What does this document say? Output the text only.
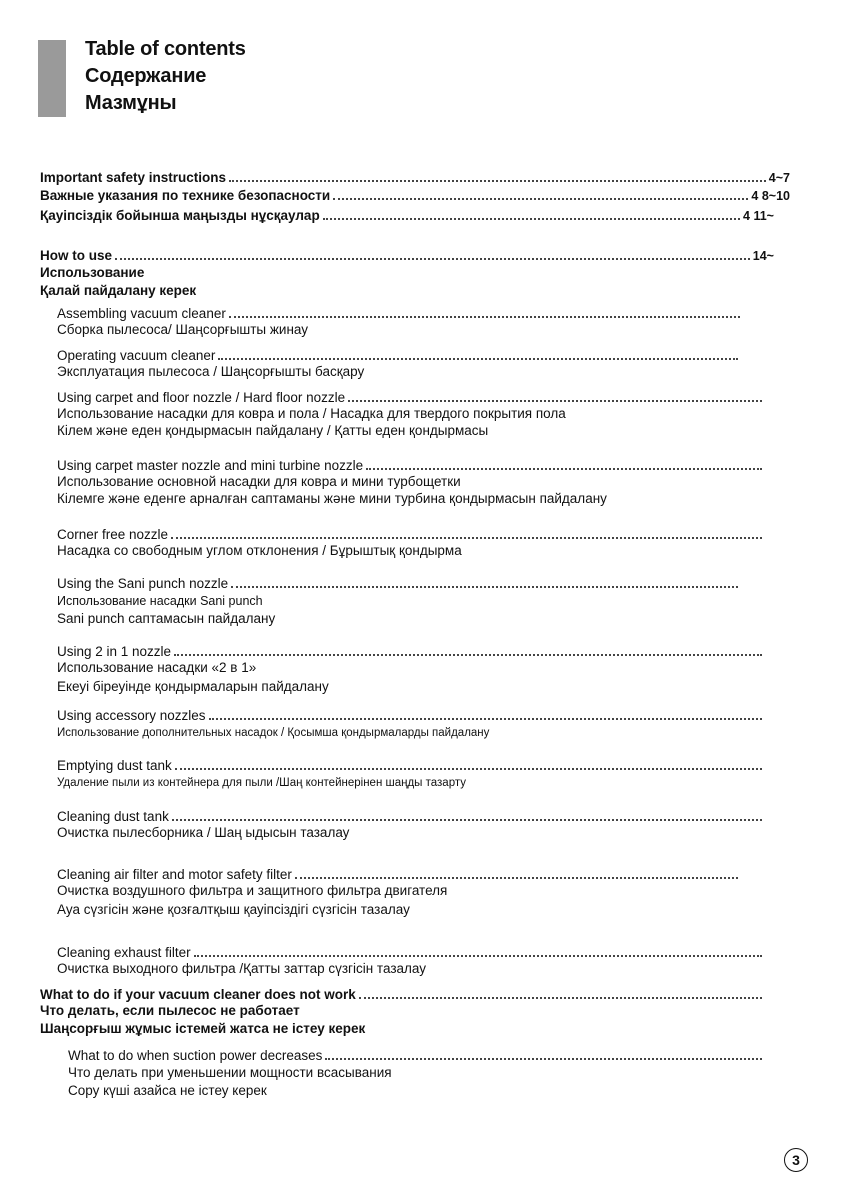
Table of contents
Содержание
Мазмұны
Important safety instructions	4~7
Важные указания по технике безопасности	4 8~10
Қауіпсіздік бойынша маңызды нұсқаулар	4 11~
How to use	14~
Использование
Қалай пайдалану керек
Assembling vacuum cleaner
Сборка пылесоса/ Шаңсорғышты жинау
Operating vacuum cleaner
Эксплуатация пылесоса / Шаңсорғышты басқару
Using carpet and floor nozzle / Hard floor nozzle
Использование насадки для ковра и пола / Насадка для твердого покрытия пола
Кілем және еден қондырмасын пайдалану / Қатты еден қондырмасы
Using carpet master nozzle and mini turbine nozzle
Использование основной насадки для ковра и мини турбощетки
Кілемге және еденге арналған саптаманы және мини турбина қондырмасын пайдалану
Corner free nozzle
Насадка со свободным углом отклонения / Бұрыштық қондырма
Using the Sani punch nozzle
Использование насадки Sani punch
Sani punch саптамасын пайдалану
Using 2 in 1 nozzle
Использование насадки «2 в 1»
Екеуі біреуінде қондырмаларын пайдалану
Using accessory nozzles
Использование дополнительных насадок / Қосымша қондырмаларды пайдалану
Emptying dust tank
Удаление пыли из контейнера для пыли /Шаң контейнерінен шаңды тазарту
Cleaning dust tank
Очистка пылесборника / Шаң ыдысын тазалау
Cleaning air filter and motor safety filter
Очистка воздушного фильтра и защитного фильтра двигателя
Ауа сүзгісін және қозғалтқыш қауіпсіздігі сүзгісін тазалау
Cleaning exhaust filter
Очистка выходного фильтра /Қатты заттар сүзгісін тазалау
What to do if your vacuum cleaner does not work
Что делать, если пылесос не работает
Шаңсорғыш жұмыс істемей жатса не істеу керек
What to do when suction power decreases
Что делать при уменьшении мощности всасывания
Сору күші азайса не істеу керек
3
